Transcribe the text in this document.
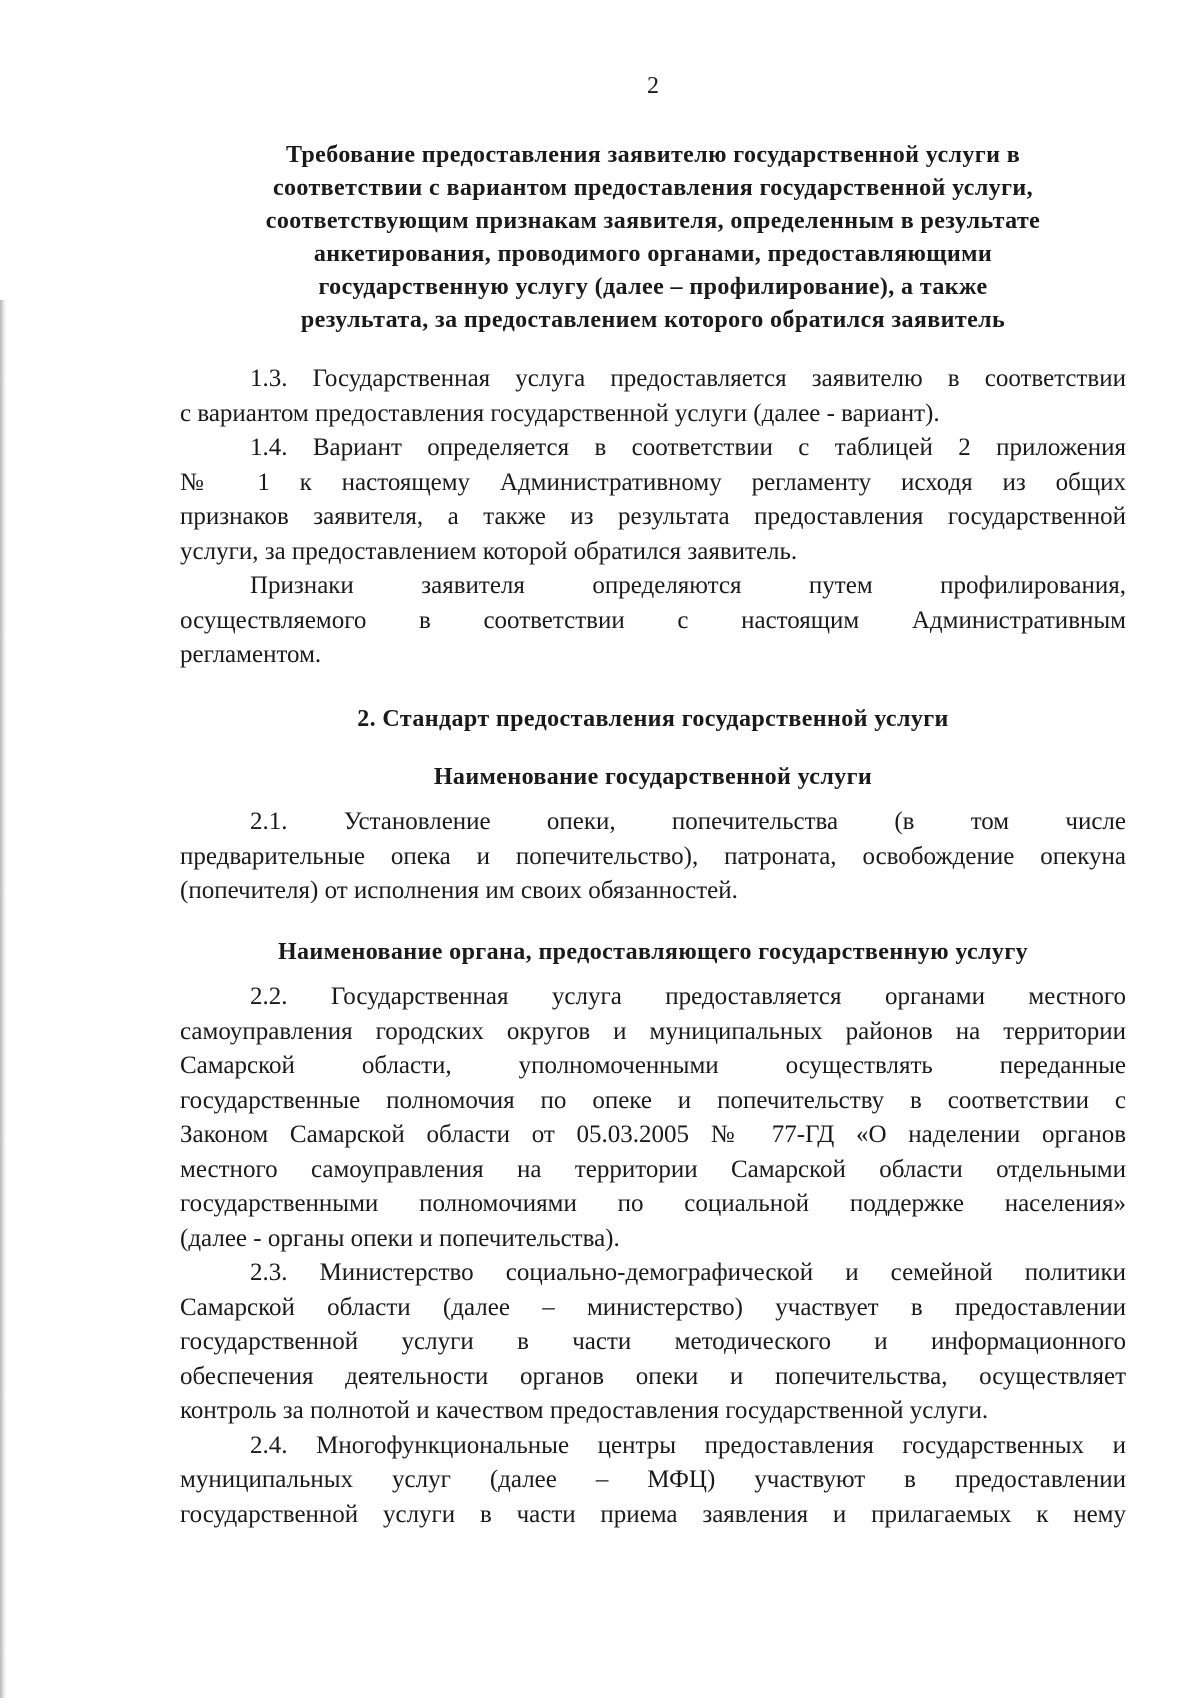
2
Требование предоставления заявителю государственной услуги в
соответствии с вариантом предоставления государственной услуги,
соответствующим признакам заявителя, определенным в результате
анкетирования, проводимого органами, предоставляющими
государственную услугу (далее – профилирование), а также
результата, за предоставлением которого обратился заявитель

1.3. Государственная услуга предоставляется заявителю в соответствии

с вариантом предоставления государственной услуги (далее - вариант).

1.4. Вариант определяется в соответствии с таблицей 2 приложения

№ 1 к настоящему Административному регламенту исходя из общих

признаков заявителя, а также из результата предоставления государственной

услуги, за предоставлением которой обратился заявитель.

Признаки заявителя определяются путем профилирования,

осуществляемого в соответствии с настоящим Административным

регламентом.

2. Стандарт предоставления государственной услуги
Наименование государственной услуги

2.1. Установление опеки, попечительства (в том числе

предварительные опека и попечительство), патроната, освобождение опекуна

(попечителя) от исполнения им своих обязанностей.

Наименование органа, предоставляющего государственную услугу

2.2. Государственная услуга предоставляется органами местного

самоуправления городских округов и муниципальных районов на территории

Самарской области, уполномоченными осуществлять переданные

государственные полномочия по опеке и попечительству в соответствии с

Законом Самарской области от 05.03.2005 № 77-ГД «О наделении органов

местного самоуправления на территории Самарской области отдельными

государственными полномочиями по социальной поддержке населения»

(далее - органы опеки и попечительства).

2.3. Министерство социально-демографической и семейной политики

Самарской области (далее – министерство) участвует в предоставлении

государственной услуги в части методического и информационного

обеспечения деятельности органов опеки и попечительства, осуществляет

контроль за полнотой и качеством предоставления государственной услуги.

2.4. Многофункциональные центры предоставления государственных и

муниципальных услуг (далее – МФЦ) участвуют в предоставлении

государственной услуги в части приема заявления и прилагаемых к нему
